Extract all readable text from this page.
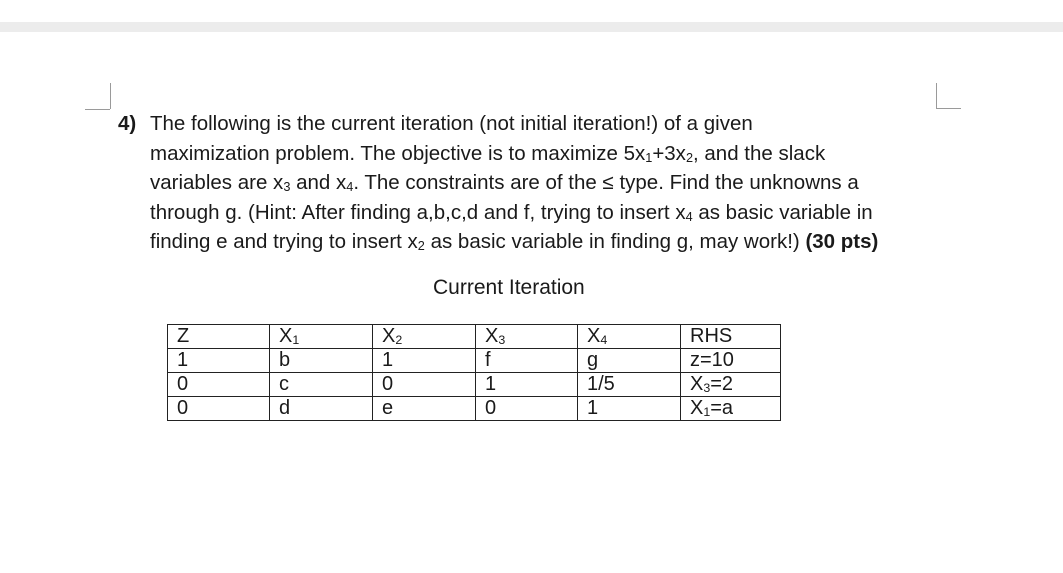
4) The following is the current iteration (not initial iteration!) of a given
maximization problem. The objective is to maximize $5x_1+3x_2$, and the slack
variables are $x_3$ and $x_4$. The constraints are of the ≤ type. Find the unknowns a
through g. (Hint: After finding a,b,c,d and f, trying to insert $x_4$ as basic variable in
finding e and trying to insert $x_2$ as basic variable in finding g, may work!) (30 pts)
Current Iteration
Z	$X_1$	$X_2$	$X_3$	$X_4$	RHS
1	b	1	f	g	z=10
0	c	0	1	1/5	$X_3=2$
0	d	e	0	1	$X_1=a$
